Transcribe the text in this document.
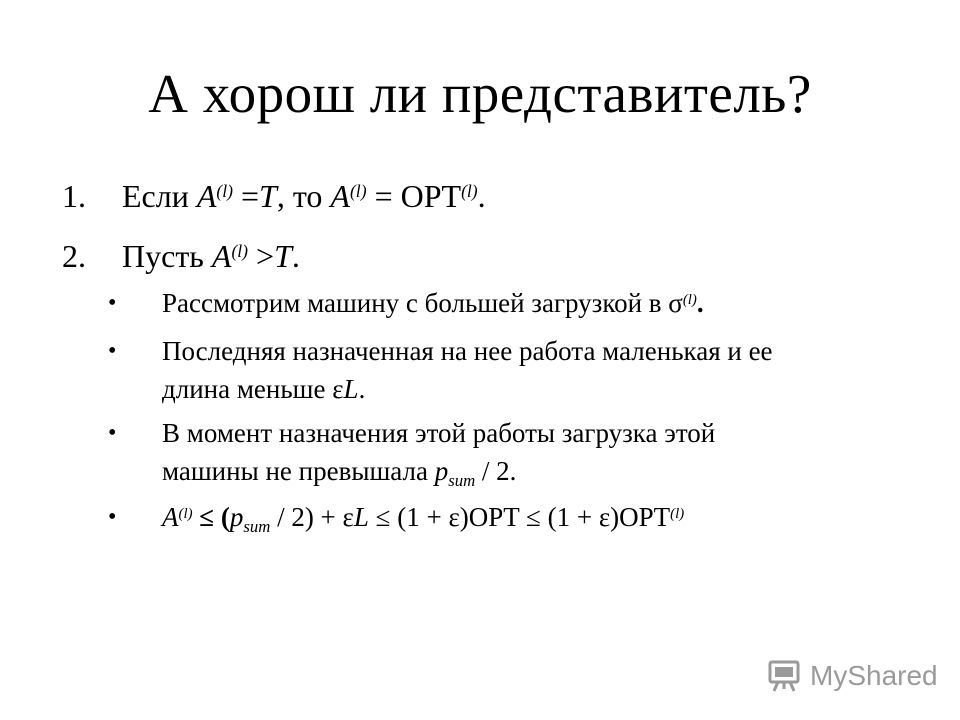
А хорош ли представитель?
1. Если $A^{(l)} =T$, то $A^{(l)} = OPT^{(l)}$.
2. Пусть $A^{(l)} >T$.
• Рассмотрим машину с большей загрузкой в $\sigma^{(l)}$.
• Последняя назначенная на нее работа маленькая и ее
длина меньше εL.
• В момент назначения этой работы загрузка этой
машины не превышала $p_{sum} / 2$.
• $A^{(l)} \le (p_{sum} / 2) + \varepsilon L \le (1 + \varepsilon)OPT \le (1 + \varepsilon)OPT^{(l)}$
MyShared
